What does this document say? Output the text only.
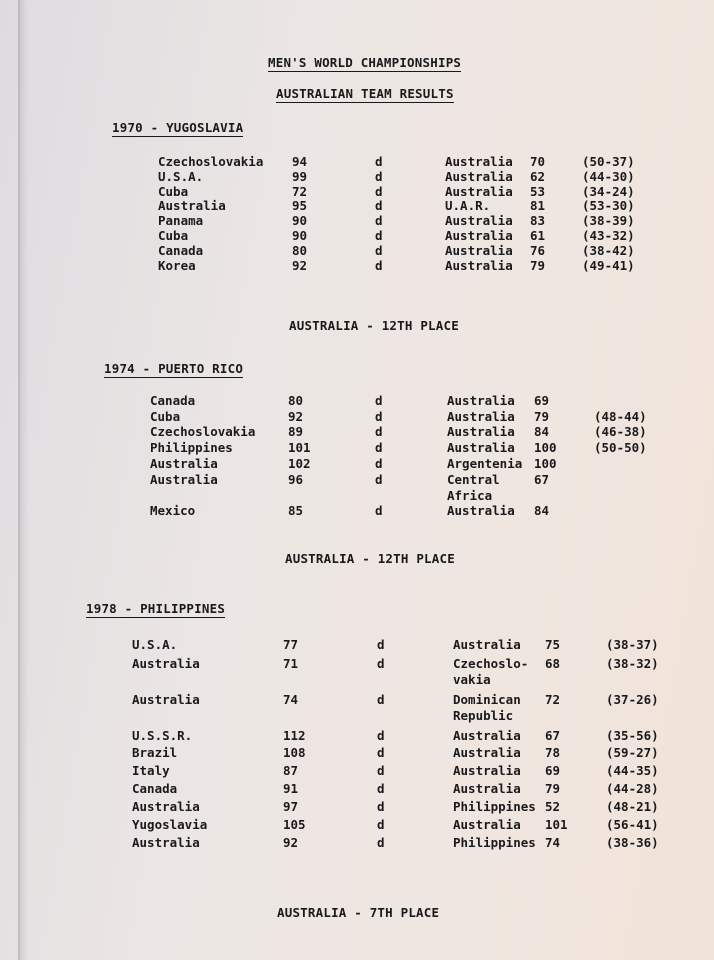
MEN'S WORLD CHAMPIONSHIPS
AUSTRALIAN TEAM RESULTS
1970 - YUGOSLAVIA
Czechoslovakia 94	d	Australia 70	(50-37)
U.S.A.	99	d	Australia 62	(44-30)
Cuba	72	d	Australia 53	(34-24)
Australia	95	d	U.A.R.	81	(53-30)
Panama	90	d	Australia 83	(38-39)
Cuba	90	d	Australia 61	(43-32)
Canada	80	d	Australia 76	(38-42)
Korea	92	d	Australia 79	(49-41)
AUSTRALIA - 12TH PLACE
1974 - PUERTO RICO
Canada	80	d	Australia 69
Cuba	92	d	Australia 79	(48-44)
Czechoslovakia	89	d	Australia 84	(46-38)
Philippines	101	d	Australia 100	(50-50)
Australia	102	d	Argentenia 100
Australia	96	d	Central	67
Africa
Mexico	85	d	Australia 84
AUSTRALIA - 12TH PLACE
1978 - PHILIPPINES
U.S.A.	77	d	Australia 75	(38-37)
Australia	71	d	Czechoslo- 68	(38-32)
vakia
Australia	74	d	Dominican 72	(37-26)
Republic
U.S.S.R.	112	d	Australia 67	(35-56)
Brazil	108	d	Australia 78	(59-27)
Italy	87	d	Australia 69	(44-35)
Canada	91	d	Australia 79	(44-28)
Australia	97	d	Philippines 52	(48-21)
Yugoslavia	105	d	Australia 101	(56-41)
Australia	92	d	Philippines 74	(38-36)
AUSTRALIA - 7TH PLACE
